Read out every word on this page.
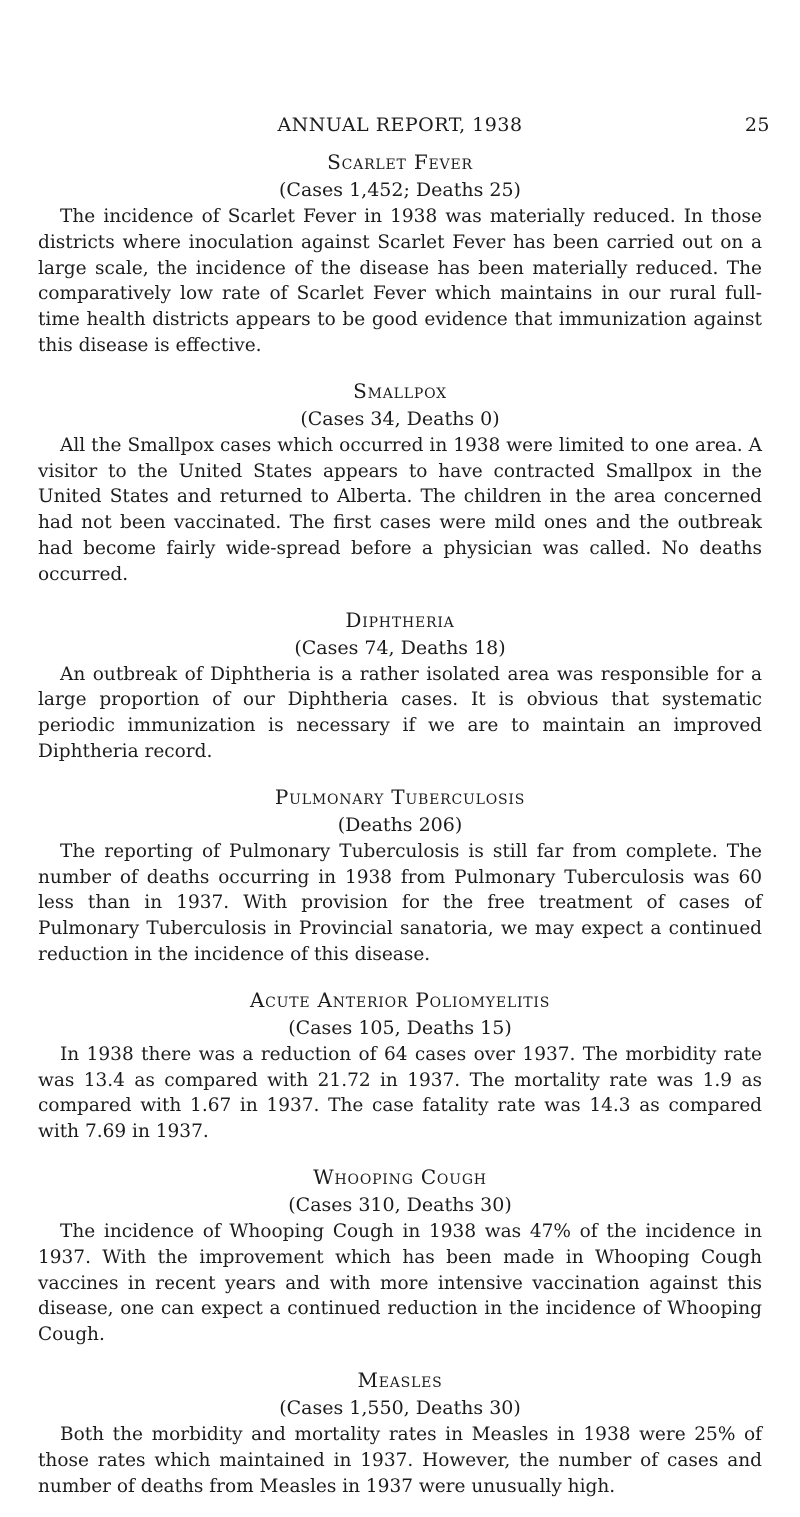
ANNUAL REPORT, 1938	25
Scarlet Fever
(Cases 1,452; Deaths 25)

The incidence of Scarlet Fever in 1938 was materially reduced. In those districts where inoculation against Scarlet Fever has been carried out on a large scale, the incidence of the disease has been materially reduced. The comparatively low rate of Scarlet Fever which maintains in our rural full-time health districts appears to be good evidence that immunization against this disease is effective.

Smallpox
(Cases 34, Deaths 0)

All the Smallpox cases which occurred in 1938 were limited to one area. A visitor to the United States appears to have contracted Smallpox in the United States and returned to Alberta. The children in the area concerned had not been vaccinated. The first cases were mild ones and the outbreak had become fairly wide-spread before a physician was called. No deaths occurred.

Diphtheria
(Cases 74, Deaths 18)

An outbreak of Diphtheria is a rather isolated area was responsible for a large proportion of our Diphtheria cases. It is obvious that systematic periodic immunization is necessary if we are to maintain an improved Diphtheria record.

Pulmonary Tuberculosis
(Deaths 206)

The reporting of Pulmonary Tuberculosis is still far from complete. The number of deaths occurring in 1938 from Pulmonary Tuberculosis was 60 less than in 1937. With provision for the free treatment of cases of Pulmonary Tuberculosis in Provincial sanatoria, we may expect a continued reduction in the incidence of this disease.

Acute Anterior Poliomyelitis
(Cases 105, Deaths 15)

In 1938 there was a reduction of 64 cases over 1937. The morbidity rate was 13.4 as compared with 21.72 in 1937. The mortality rate was 1.9 as compared with 1.67 in 1937. The case fatality rate was 14.3 as compared with 7.69 in 1937.

Whooping Cough
(Cases 310, Deaths 30)

The incidence of Whooping Cough in 1938 was 47% of the incidence in 1937. With the improvement which has been made in Whooping Cough vaccines in recent years and with more intensive vaccination against this disease, one can expect a continued reduction in the incidence of Whooping Cough.

Measles
(Cases 1,550, Deaths 30)

Both the morbidity and mortality rates in Measles in 1938 were 25% of those rates which maintained in 1937. However, the number of cases and number of deaths from Measles in 1937 were unusually high.
